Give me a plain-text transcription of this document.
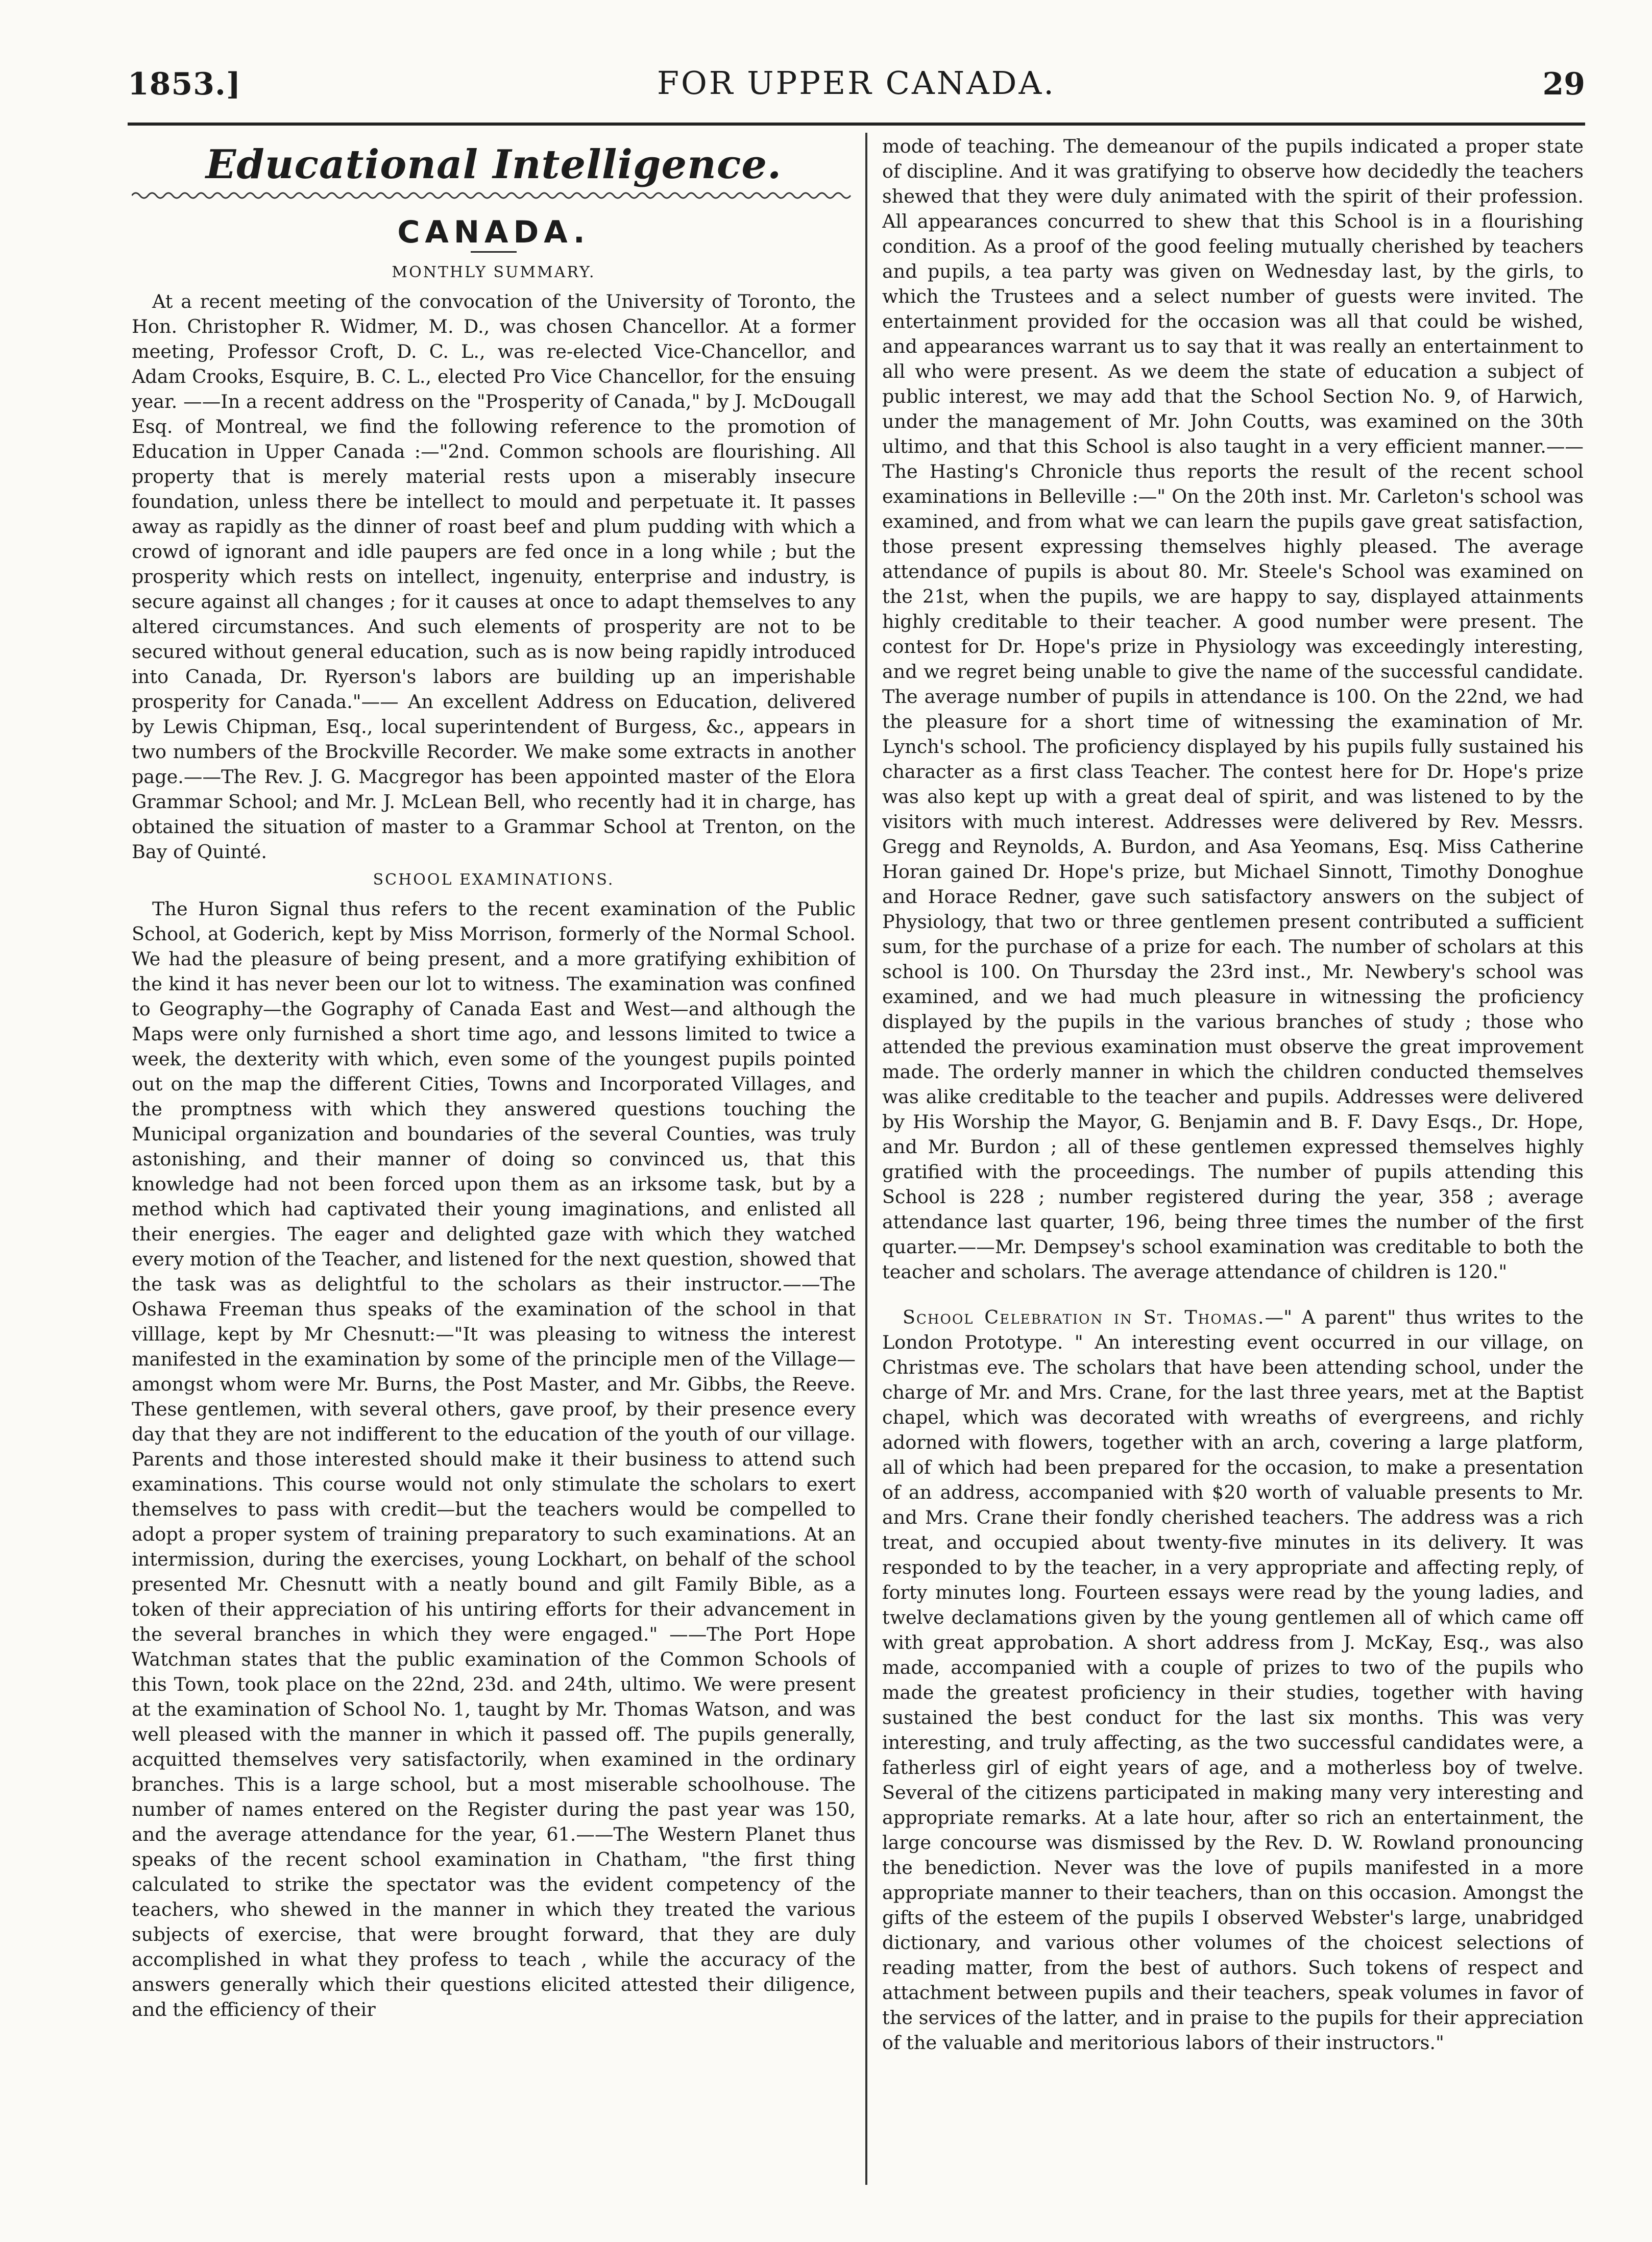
1853.]	FOR UPPER CANADA.	29
Educational Intelligence.
CANADA.
MONTHLY SUMMARY.

At a recent meeting of the convocation of the University of Toronto, the Hon. Christopher R. Widmer, M. D., was chosen Chancellor. At a former meeting, Professor Croft, D. C. L., was re-elected Vice-Chancellor, and Adam Crooks, Esquire, B. C. L., elected Pro Vice Chancellor, for the ensuing year. ——In a recent address on the "Prosperity of Canada," by J. McDougall Esq. of Montreal, we find the following reference to the promotion of Education in Upper Canada :—"2nd. Common schools are flourishing. All property that is merely material rests upon a miserably insecure foundation, unless there be intellect to mould and perpetuate it. It passes away as rapidly as the dinner of roast beef and plum pudding with which a crowd of ignorant and idle paupers are fed once in a long while ; but the prosperity which rests on intellect, ingenuity, enterprise and industry, is secure against all changes ; for it causes at once to adapt themselves to any altered circumstances. And such elements of prosperity are not to be secured without general education, such as is now being rapidly introduced into Canada, Dr. Ryerson's labors are building up an imperishable prosperity for Canada."—— An excellent Address on Education, delivered by Lewis Chipman, Esq., local superintendent of Burgess, &c., appears in two numbers of the Brockville Recorder. We make some extracts in another page.——The Rev. J. G. Macgregor has been appointed master of the Elora Grammar School; and Mr. J. McLean Bell, who recently had it in charge, has obtained the situation of master to a Grammar School at Trenton, on the Bay of Quinté.

SCHOOL EXAMINATIONS.

The Huron Signal thus refers to the recent examination of the Public School, at Goderich, kept by Miss Morrison, formerly of the Normal School. We had the pleasure of being present, and a more gratifying exhibition of the kind it has never been our lot to witness. The examination was confined to Geography—the Gography of Canada East and West—and although the Maps were only furnished a short time ago, and lessons limited to twice a week, the dexterity with which, even some of the youngest pupils pointed out on the map the different Cities, Towns and Incorporated Villages, and the promptness with which they answered questions touching the Municipal organization and boundaries of the several Counties, was truly astonishing, and their manner of doing so convinced us, that this knowledge had not been forced upon them as an irksome task, but by a method which had captivated their young imaginations, and enlisted all their energies. The eager and delighted gaze with which they watched every motion of the Teacher, and listened for the next question, showed that the task was as delightful to the scholars as their instructor.——The Oshawa Freeman thus speaks of the examination of the school in that villlage, kept by Mr Chesnutt:—"It was pleasing to witness the interest manifested in the examination by some of the principle men of the Village—amongst whom were Mr. Burns, the Post Master, and Mr. Gibbs, the Reeve. These gentlemen, with several others, gave proof, by their presence every day that they are not indifferent to the education of the youth of our village. Parents and those interested should make it their business to attend such examinations. This course would not only stimulate the scholars to exert themselves to pass with credit—but the teachers would be compelled to adopt a proper system of training preparatory to such examinations. At an intermission, during the exercises, young Lockhart, on behalf of the school presented Mr. Chesnutt with a neatly bound and gilt Family Bible, as a token of their appreciation of his untiring efforts for their advancement in the several branches in which they were engaged." ——The Port Hope Watchman states that the public examination of the Common Schools of this Town, took place on the 22nd, 23d. and 24th, ultimo. We were present at the examination of School No. 1, taught by Mr. Thomas Watson, and was well pleased with the manner in which it passed off. The pupils generally, acquitted themselves very satisfactorily, when examined in the ordinary branches. This is a large school, but a most miserable schoolhouse. The number of names entered on the Register during the past year was 150, and the average attendance for the year, 61.——The Western Planet thus speaks of the recent school examination in Chatham, "the first thing calculated to strike the spectator was the evident competency of the teachers, who shewed in the manner in which they treated the various subjects of exercise, that were brought forward, that they are duly accomplished in what they profess to teach , while the accuracy of the answers generally which their questions elicited attested their diligence, and the efficiency of their

mode of teaching. The demeanour of the pupils indicated a proper state of discipline. And it was gratifying to observe how decidedly the teachers shewed that they were duly animated with the spirit of their profession. All appearances concurred to shew that this School is in a flourishing condition. As a proof of the good feeling mutually cherished by teachers and pupils, a tea party was given on Wednesday last, by the girls, to which the Trustees and a select number of guests were invited. The entertainment provided for the occasion was all that could be wished, and appearances warrant us to say that it was really an entertainment to all who were present. As we deem the state of education a subject of public interest, we may add that the School Section No. 9, of Harwich, under the management of Mr. John Coutts, was examined on the 30th ultimo, and that this School is also taught in a very efficient manner.——The Hasting's Chronicle thus reports the result of the recent school examinations in Belleville :—" On the 20th inst. Mr. Carleton's school was examined, and from what we can learn the pupils gave great satisfaction, those present expressing themselves highly pleased. The average attendance of pupils is about 80. Mr. Steele's School was examined on the 21st, when the pupils, we are happy to say, displayed attainments highly creditable to their teacher. A good number were present. The contest for Dr. Hope's prize in Physiology was exceedingly interesting, and we regret being unable to give the name of the successful candidate. The average number of pupils in attendance is 100. On the 22nd, we had the pleasure for a short time of witnessing the examination of Mr. Lynch's school. The proficiency displayed by his pupils fully sustained his character as a first class Teacher. The contest here for Dr. Hope's prize was also kept up with a great deal of spirit, and was listened to by the visitors with much interest. Addresses were delivered by Rev. Messrs. Gregg and Reynolds, A. Burdon, and Asa Yeomans, Esq. Miss Catherine Horan gained Dr. Hope's prize, but Michael Sinnott, Timothy Donoghue and Horace Redner, gave such satisfactory answers on the subject of Physiology, that two or three gentlemen present contributed a sufficient sum, for the purchase of a prize for each. The number of scholars at this school is 100. On Thursday the 23rd inst., Mr. Newbery's school was examined, and we had much pleasure in witnessing the proficiency displayed by the pupils in the various branches of study ; those who attended the previous examination must observe the great improvement made. The orderly manner in which the children conducted themselves was alike creditable to the teacher and pupils. Addresses were delivered by His Worship the Mayor, G. Benjamin and B. F. Davy Esqs., Dr. Hope, and Mr. Burdon ; all of these gentlemen expressed themselves highly gratified with the proceedings. The number of pupils attending this School is 228 ; number registered during the year, 358 ; average attendance last quarter, 196, being three times the number of the first quarter.——Mr. Dempsey's school examination was creditable to both the teacher and scholars. The average attendance of children is 120."

School Celebration in St. Thomas.—" A parent" thus writes to the London Prototype. " An interesting event occurred in our village, on Christmas eve. The scholars that have been attending school, under the charge of Mr. and Mrs. Crane, for the last three years, met at the Baptist chapel, which was decorated with wreaths of evergreens, and richly adorned with flowers, together with an arch, covering a large platform, all of which had been prepared for the occasion, to make a presentation of an address, accompanied with $20 worth of valuable presents to Mr. and Mrs. Crane their fondly cherished teachers. The address was a rich treat, and occupied about twenty-five minutes in its delivery. It was responded to by the teacher, in a very appropriate and affecting reply, of forty minutes long. Fourteen essays were read by the young ladies, and twelve declamations given by the young gentlemen all of which came off with great approbation. A short address from J. McKay, Esq., was also made, accompanied with a couple of prizes to two of the pupils who made the greatest proficiency in their studies, together with having sustained the best conduct for the last six months. This was very interesting, and truly affecting, as the two successful candidates were, a fatherless girl of eight years of age, and a motherless boy of twelve. Several of the citizens participated in making many very interesting and appropriate remarks. At a late hour, after so rich an entertainment, the large concourse was dismissed by the Rev. D. W. Rowland pronouncing the benediction. Never was the love of pupils manifested in a more appropriate manner to their teachers, than on this occasion. Amongst the gifts of the esteem of the pupils I observed Webster's large, unabridged dictionary, and various other volumes of the choicest selections of reading matter, from the best of authors. Such tokens of respect and attachment between pupils and their teachers, speak volumes in favor of the services of the latter, and in praise to the pupils for their appreciation of the valuable and meritorious labors of their instructors."
